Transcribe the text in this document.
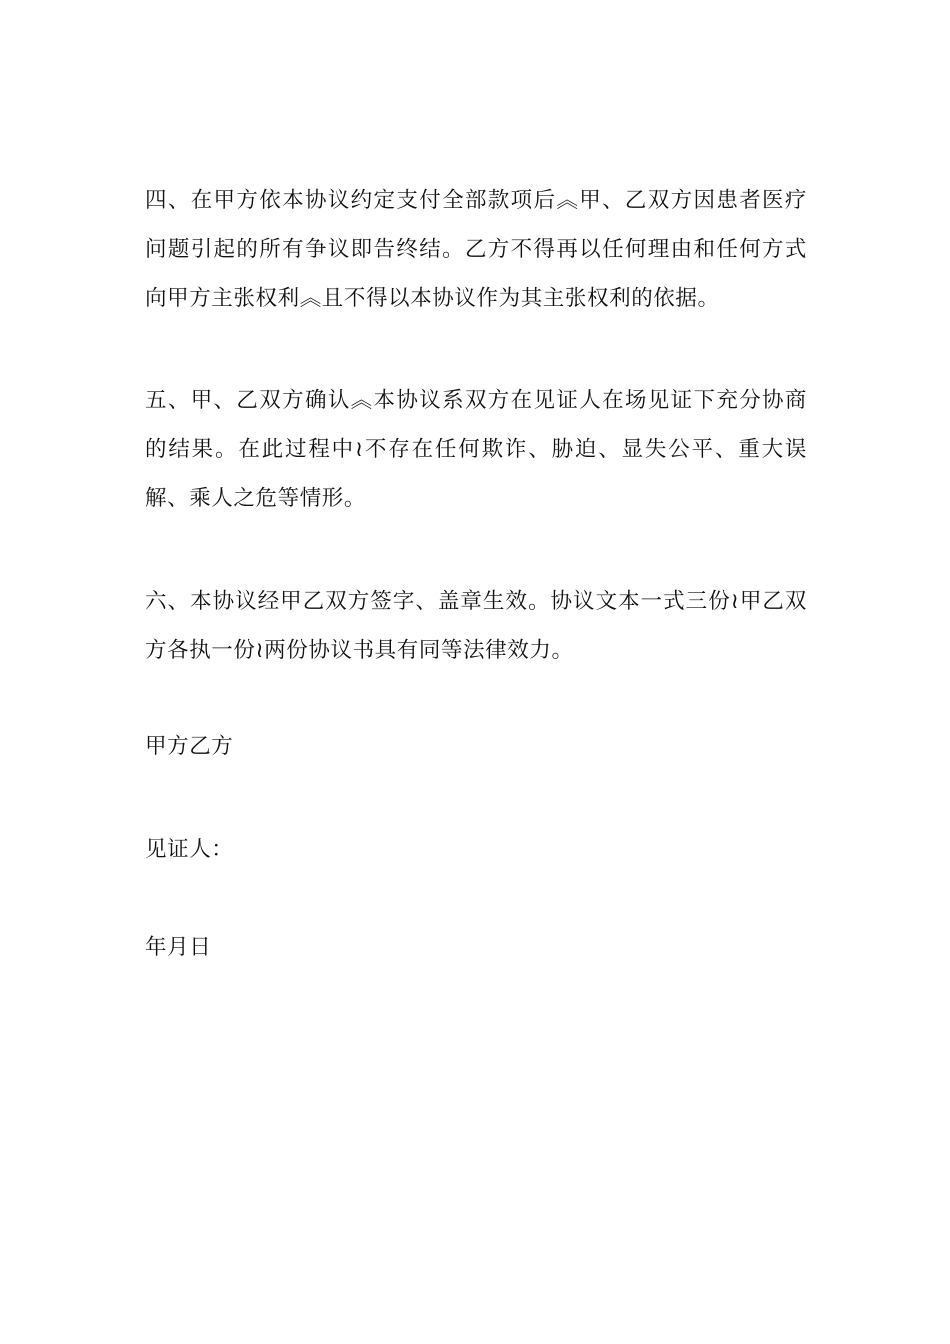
四、在甲方依本协议约定支付全部款项后︽甲、乙双方因患者医疗问题引起的所有争议即告终结。乙方不得再以任何理由和任何方式向甲方主张权利︽且不得以本协议作为其主张权利的依据。

五、甲、乙双方确认︽本协议系双方在见证人在场见证下充分协商的结果。在此过程中≀不存在任何欺诈、胁迫、显失公平、重大误解、乘人之危等情形。

六、本协议经甲乙双方签字、盖章生效。协议文本一式三份≀甲乙双方各执一份≀两份协议书具有同等法律效力。

甲方乙方

见证人：

年月日
